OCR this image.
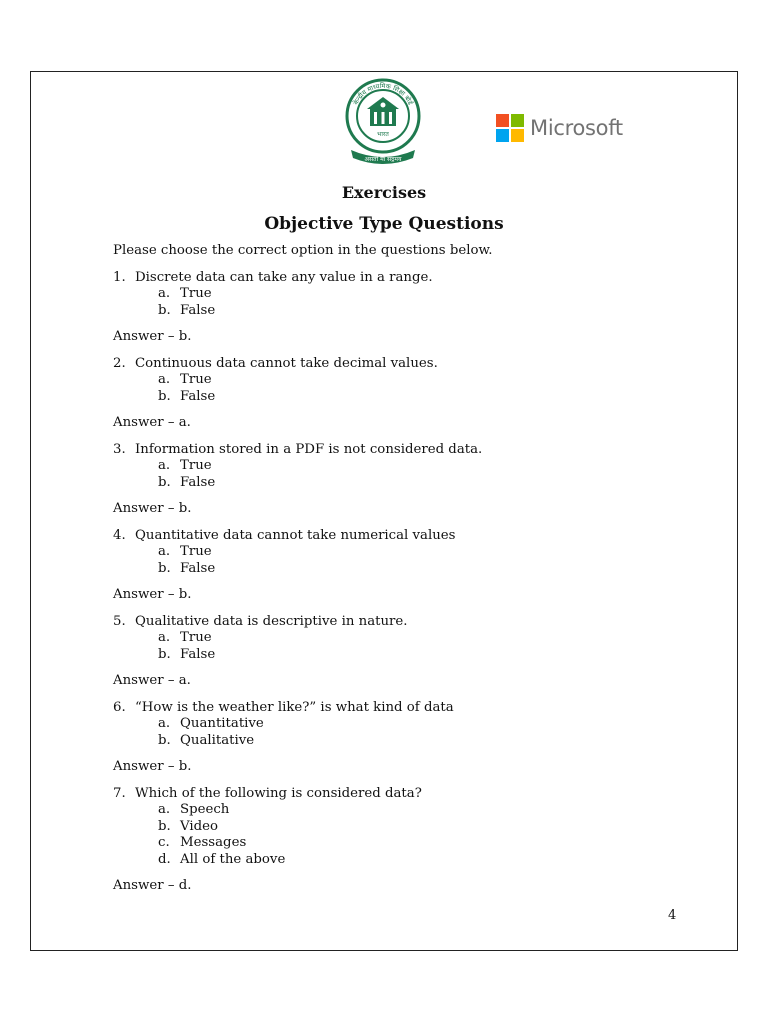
केन्द्रीय माध्यमिक शिक्षा बोर्ड
भारत
असतो मा सद्गमय
Microsoft
Exercises
Objective Type Questions

Please choose the correct option in the questions below.

1. Discrete data can take any value in a range.
a. True
b. False

Answer – b.

2. Continuous data cannot take decimal values.
a. True
b. False

Answer – a.

3. Information stored in a PDF is not considered data.
a. True
b. False

Answer – b.

4. Quantitative data cannot take numerical values
a. True
b. False

Answer – b.

5. Qualitative data is descriptive in nature.
a. True
b. False

Answer – a.

6. “How is the weather like?” is what kind of data
a. Quantitative
b. Qualitative

Answer – b.

7. Which of the following is considered data?
a. Speech
b. Video
c. Messages
d. All of the above

Answer – d.

4
